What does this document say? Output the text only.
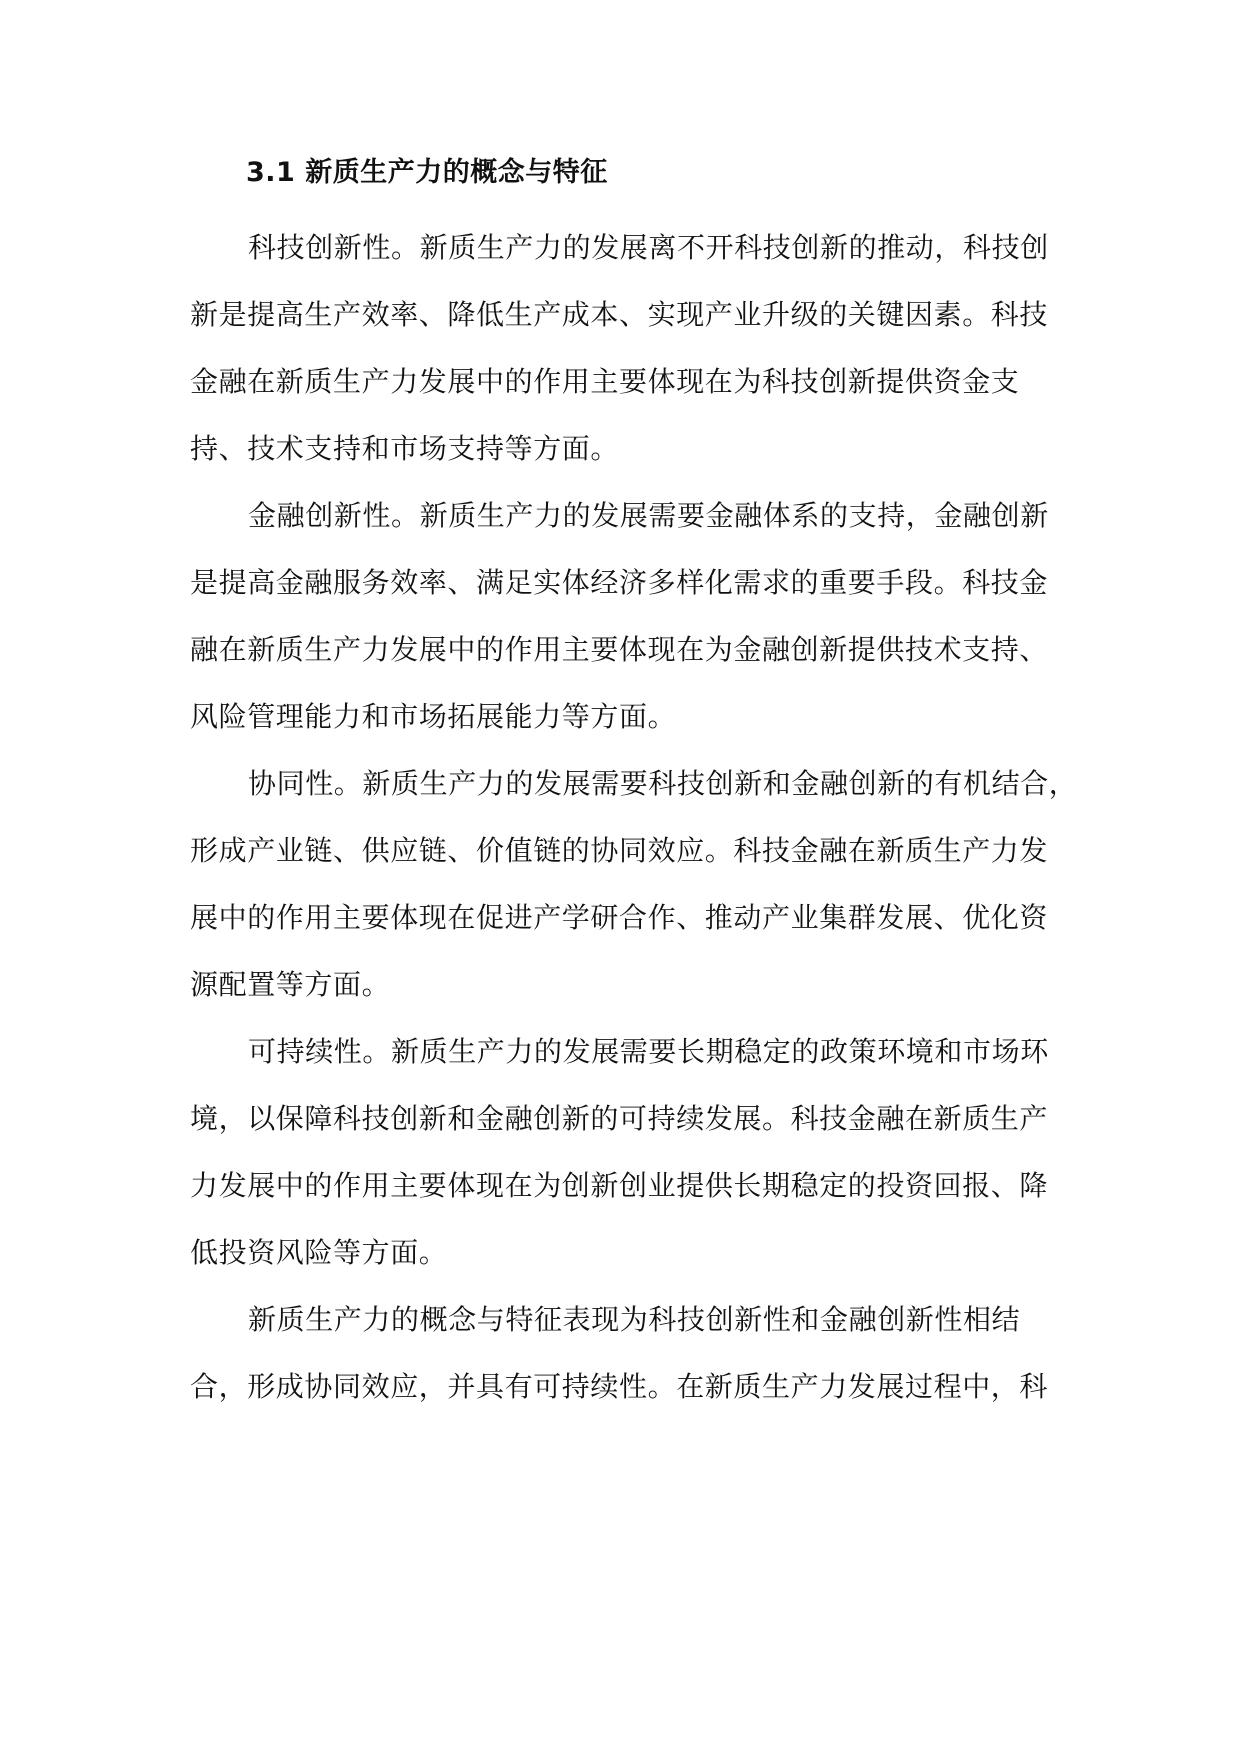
3.1 新质生产力的概念与特征

科技创新性。新质生产力的发展离不开科技创新的推动，科技创

新是提高生产效率、降低生产成本、实现产业升级的关键因素。科技

金融在新质生产力发展中的作用主要体现在为科技创新提供资金支

持、技术支持和市场支持等方面。

金融创新性。新质生产力的发展需要金融体系的支持，金融创新

是提高金融服务效率、满足实体经济多样化需求的重要手段。科技金

融在新质生产力发展中的作用主要体现在为金融创新提供技术支持、

风险管理能力和市场拓展能力等方面。

协同性。新质生产力的发展需要科技创新和金融创新的有机结合，

形成产业链、供应链、价值链的协同效应。科技金融在新质生产力发

展中的作用主要体现在促进产学研合作、推动产业集群发展、优化资

源配置等方面。

可持续性。新质生产力的发展需要长期稳定的政策环境和市场环

境，以保障科技创新和金融创新的可持续发展。科技金融在新质生产

力发展中的作用主要体现在为创新创业提供长期稳定的投资回报、降

低投资风险等方面。

新质生产力的概念与特征表现为科技创新性和金融创新性相结

合，形成协同效应，并具有可持续性。在新质生产力发展过程中，科
